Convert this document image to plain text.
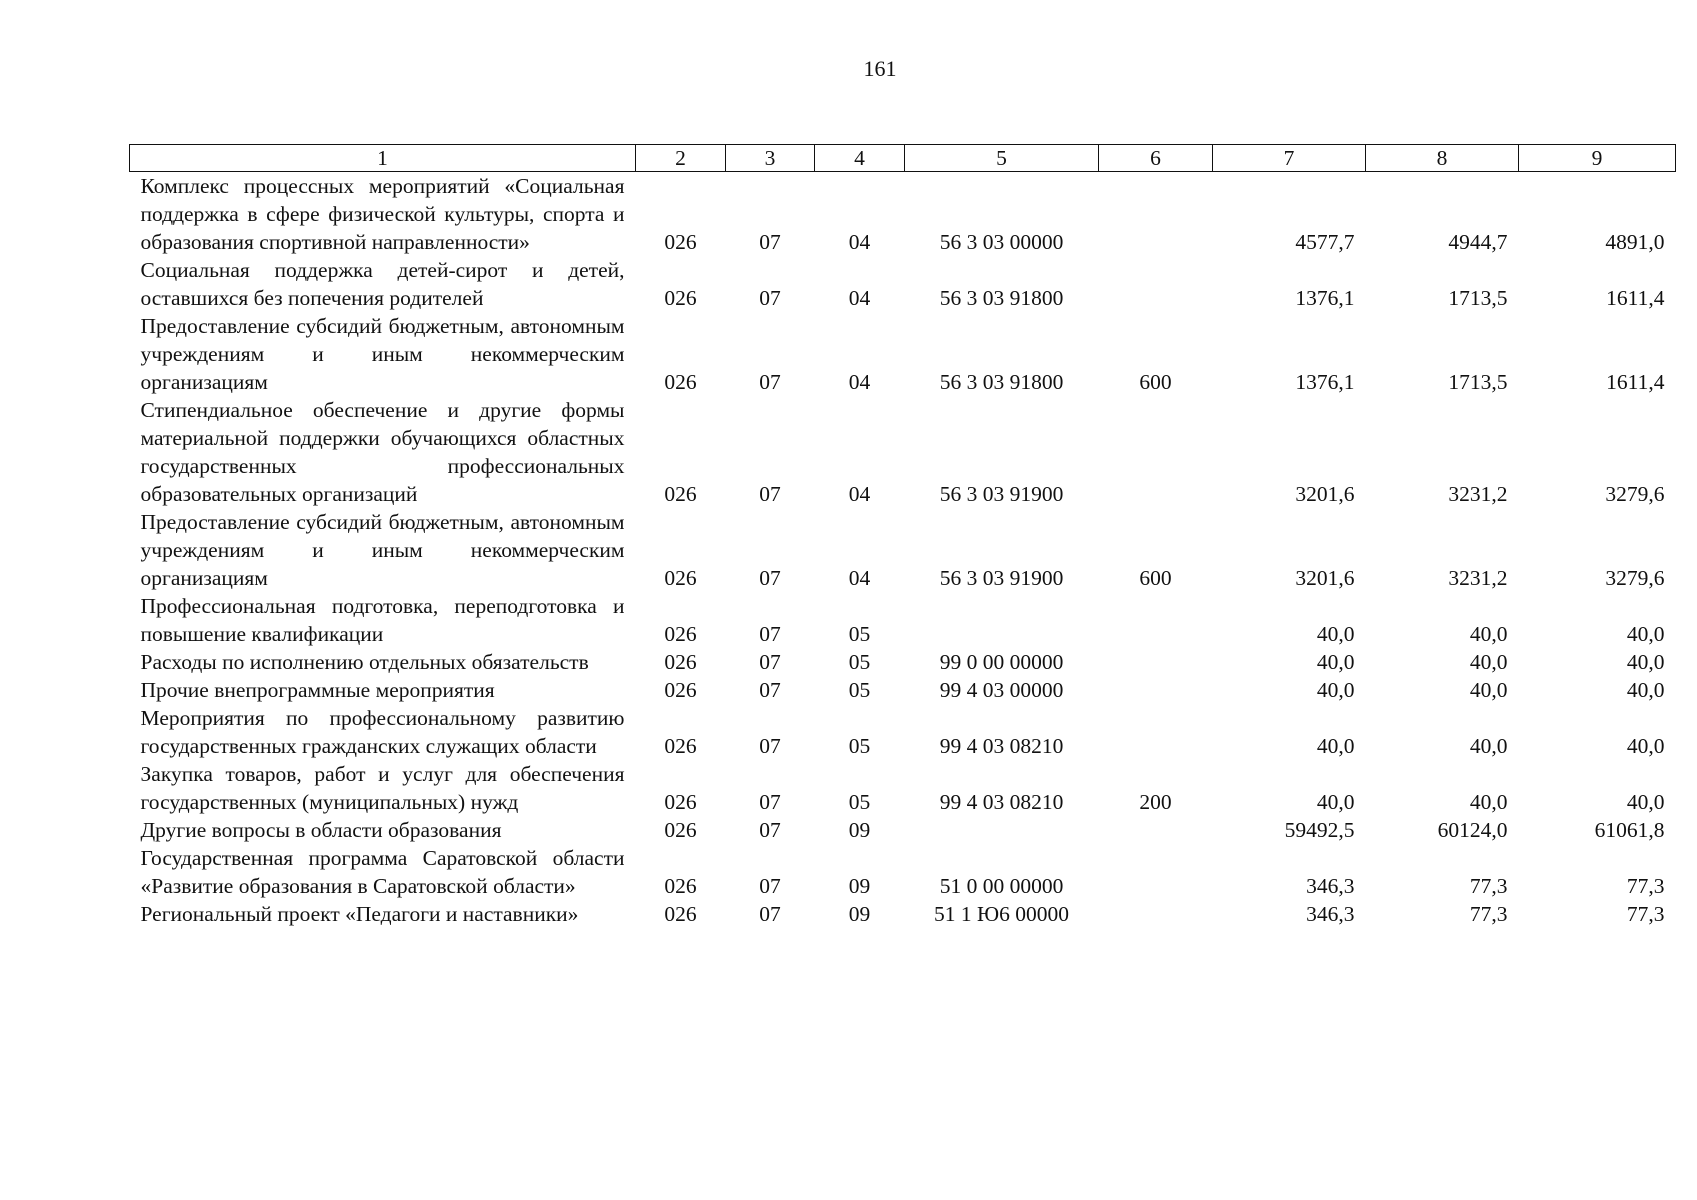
161
1	2	3	4	5	6	7	8	9
Комплекс процессных мероприятий «Социальная поддержка в сфере физической культуры, спорта и образования спортивной направленности»	026	07	04	56 3 03 00000		4577,7	4944,7	4891,0
Социальная поддержка детей-сирот и детей, оставшихся без попечения родителей	026	07	04	56 3 03 91800		1376,1	1713,5	1611,4
Предоставление субсидий бюджетным, автономным учреждениям и иным некоммерческим организациям	026	07	04	56 3 03 91800	600	1376,1	1713,5	1611,4
Стипендиальное обеспечение и другие формы материальной поддержки обучающихся областных государственных профессиональных образовательных организаций	026	07	04	56 3 03 91900		3201,6	3231,2	3279,6
Предоставление субсидий бюджетным, автономным учреждениям и иным некоммерческим организациям	026	07	04	56 3 03 91900	600	3201,6	3231,2	3279,6
Профессиональная подготовка, переподготовка и повышение квалификации	026	07	05			40,0	40,0	40,0
Расходы по исполнению отдельных обязательств	026	07	05	99 0 00 00000		40,0	40,0	40,0
Прочие внепрограммные мероприятия	026	07	05	99 4 03 00000		40,0	40,0	40,0
Мероприятия по профессиональному развитию государственных гражданских служащих области	026	07	05	99 4 03 08210		40,0	40,0	40,0
Закупка товаров, работ и услуг для обеспечения государственных (муниципальных) нужд	026	07	05	99 4 03 08210	200	40,0	40,0	40,0
Другие вопросы в области образования	026	07	09			59492,5	60124,0	61061,8
Государственная программа Саратовской области «Развитие образования в Саратовской области»	026	07	09	51 0 00 00000		346,3	77,3	77,3
Региональный проект «Педагоги и наставники»	026	07	09	51 1 Ю6 00000		346,3	77,3	77,3
